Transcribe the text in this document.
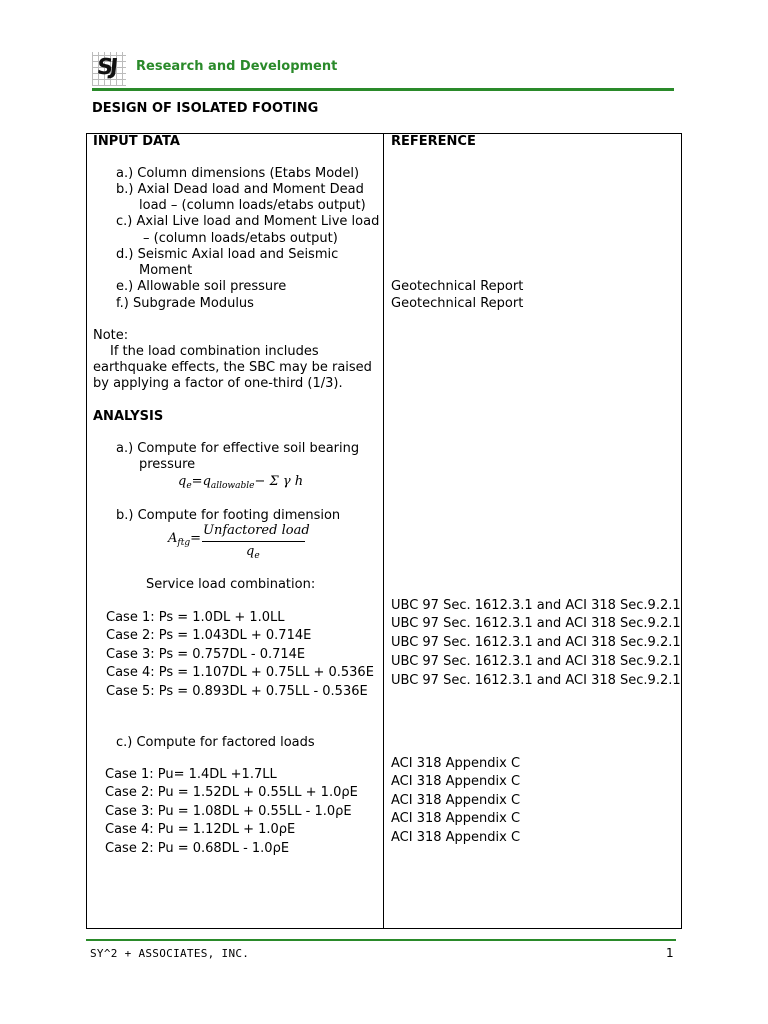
SJ Research and Development
DESIGN OF ISOLATED FOOTING
INPUT DATA
a.) Column dimensions (Etabs Model)
b.) Axial Dead load and Moment Dead
load – (column loads/etabs output)
c.) Axial Live load and Moment Live load
– (column loads/etabs output)
d.) Seismic Axial load and Seismic
Moment
e.) Allowable soil pressure
f.) Subgrade Modulus
Note:
If the load combination includes
earthquake effects, the SBC may be raised
by applying a factor of one-third (1/3).
ANALYSIS
a.) Compute for effective soil bearing
pressure
$q_e=q_{allowable}- \Sigma$ γ h
b.) Compute for footing dimension
$A_{ftg}=$
Unfactored load
$q_e$
Service load combination:
Case 1: Ps = 1.0DL + 1.0LL
Case 2: Ps = 1.043DL + 0.714E
Case 3: Ps = 0.757DL - 0.714E
Case 4: Ps = 1.107DL + 0.75LL + 0.536E
Case 5: Ps = 0.893DL + 0.75LL - 0.536E
c.) Compute for factored loads
Case 1: Pu= 1.4DL +1.7LL
Case 2: Pu = 1.52DL + 0.55LL + 1.0ρE
Case 3: Pu = 1.08DL + 0.55LL - 1.0ρE
Case 4: Pu = 1.12DL + 1.0ρE
Case 2: Pu = 0.68DL - 1.0ρE
REFERENCE
Geotechnical Report
Geotechnical Report
UBC 97 Sec. 1612.3.1 and ACI 318 Sec.9.2.1
UBC 97 Sec. 1612.3.1 and ACI 318 Sec.9.2.1
UBC 97 Sec. 1612.3.1 and ACI 318 Sec.9.2.1
UBC 97 Sec. 1612.3.1 and ACI 318 Sec.9.2.1
UBC 97 Sec. 1612.3.1 and ACI 318 Sec.9.2.1
ACI 318 Appendix C
ACI 318 Appendix C
ACI 318 Appendix C
ACI 318 Appendix C
ACI 318 Appendix C
SY^2 + ASSOCIATES, INC.	1
